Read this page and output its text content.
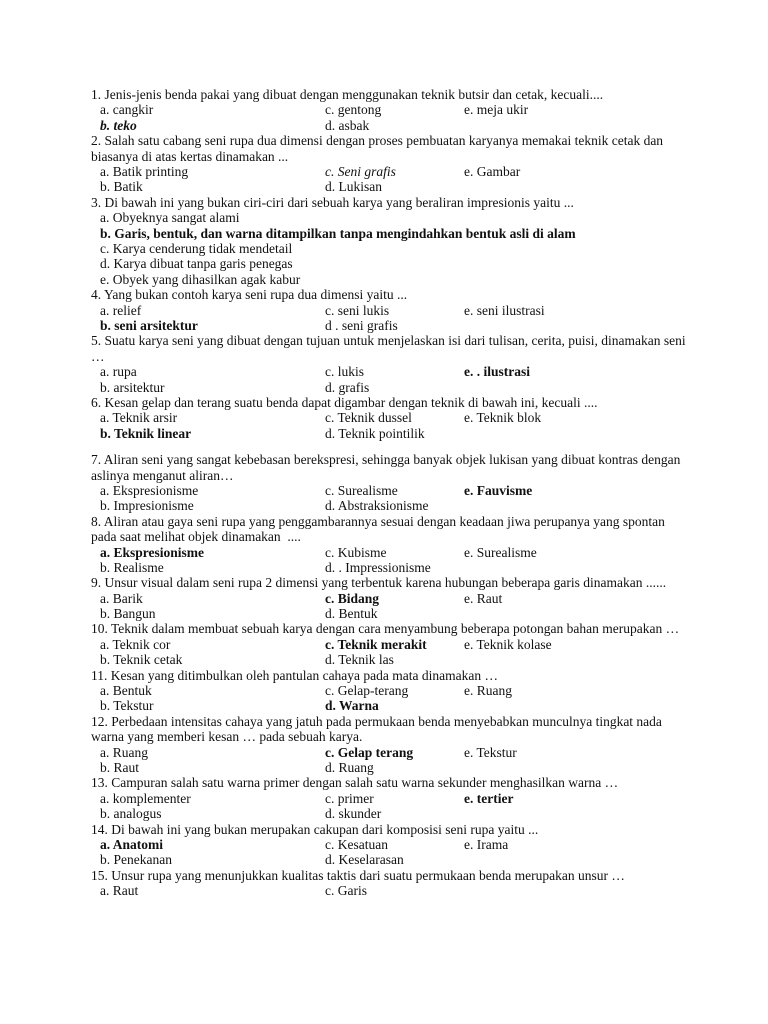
1. Jenis-jenis benda pakai yang dibuat dengan menggunakan teknik butsir dan cetak, kecuali....
a. cangkir	c. gentong	e. meja ukir
b. teko	d. asbak
2. Salah satu cabang seni rupa dua dimensi dengan proses pembuatan karyanya memakai teknik cetak dan biasanya di atas kertas dinamakan ...
a. Batik printing	c. Seni grafis	e. Gambar
b. Batik	d. Lukisan
3. Di bawah ini yang bukan ciri-ciri dari sebuah karya yang beraliran impresionis yaitu ...
a. Obyeknya sangat alami
b. Garis, bentuk, dan warna ditampilkan tanpa mengindahkan bentuk asli di alam
c. Karya cenderung tidak mendetail
d. Karya dibuat tanpa garis penegas
e. Obyek yang dihasilkan agak kabur
4. Yang bukan contoh karya seni rupa dua dimensi yaitu ...
a. relief	c. seni lukis	e. seni ilustrasi
b. seni arsitektur	d . seni grafis
5. Suatu karya seni yang dibuat dengan tujuan untuk menjelaskan isi dari tulisan, cerita, puisi, dinamakan seni …
a. rupa	c. lukis	e. . ilustrasi
b. arsitektur	d. grafis
6. Kesan gelap dan terang suatu benda dapat digambar dengan teknik di bawah ini, kecuali ....
a. Teknik arsir	c. Teknik dussel	e. Teknik blok
b. Teknik linear	d. Teknik pointilik
7. Aliran seni yang sangat kebebasan berekspresi, sehingga banyak objek lukisan yang dibuat kontras dengan aslinya menganut aliran…
a. Ekspresionisme	c. Surealisme	e. Fauvisme
b. Impresionisme	d. Abstraksionisme
8. Aliran atau gaya seni rupa yang penggambarannya sesuai dengan keadaan jiwa perupanya yang spontan pada saat melihat objek dinamakan  ....
a. Ekspresionisme	c. Kubisme	e. Surealisme
b. Realisme	d. . Impressionisme
9. Unsur visual dalam seni rupa 2 dimensi yang terbentuk karena hubungan beberapa garis dinamakan ......
a. Barik	c. Bidang	e. Raut
b. Bangun	d. Bentuk
10. Teknik dalam membuat sebuah karya dengan cara menyambung beberapa potongan bahan merupakan …
a. Teknik cor	c. Teknik merakit	e. Teknik kolase
b. Teknik cetak	d. Teknik las
11. Kesan yang ditimbulkan oleh pantulan cahaya pada mata dinamakan …
a. Bentuk	c. Gelap-terang	e. Ruang
b. Tekstur	d. Warna
12. Perbedaan intensitas cahaya yang jatuh pada permukaan benda menyebabkan munculnya tingkat nada warna yang memberi kesan … pada sebuah karya.
a. Ruang	c. Gelap terang	e. Tekstur
b. Raut	d. Ruang
13. Campuran salah satu warna primer dengan salah satu warna sekunder menghasilkan warna …
a. komplementer	c. primer	e. tertier
b. analogus	d. skunder
14. Di bawah ini yang bukan merupakan cakupan dari komposisi seni rupa yaitu ...
a. Anatomi	c. Kesatuan	e. Irama
b. Penekanan	d. Keselarasan
15. Unsur rupa yang menunjukkan kualitas taktis dari suatu permukaan benda merupakan unsur …
a. Raut	c. Garis
